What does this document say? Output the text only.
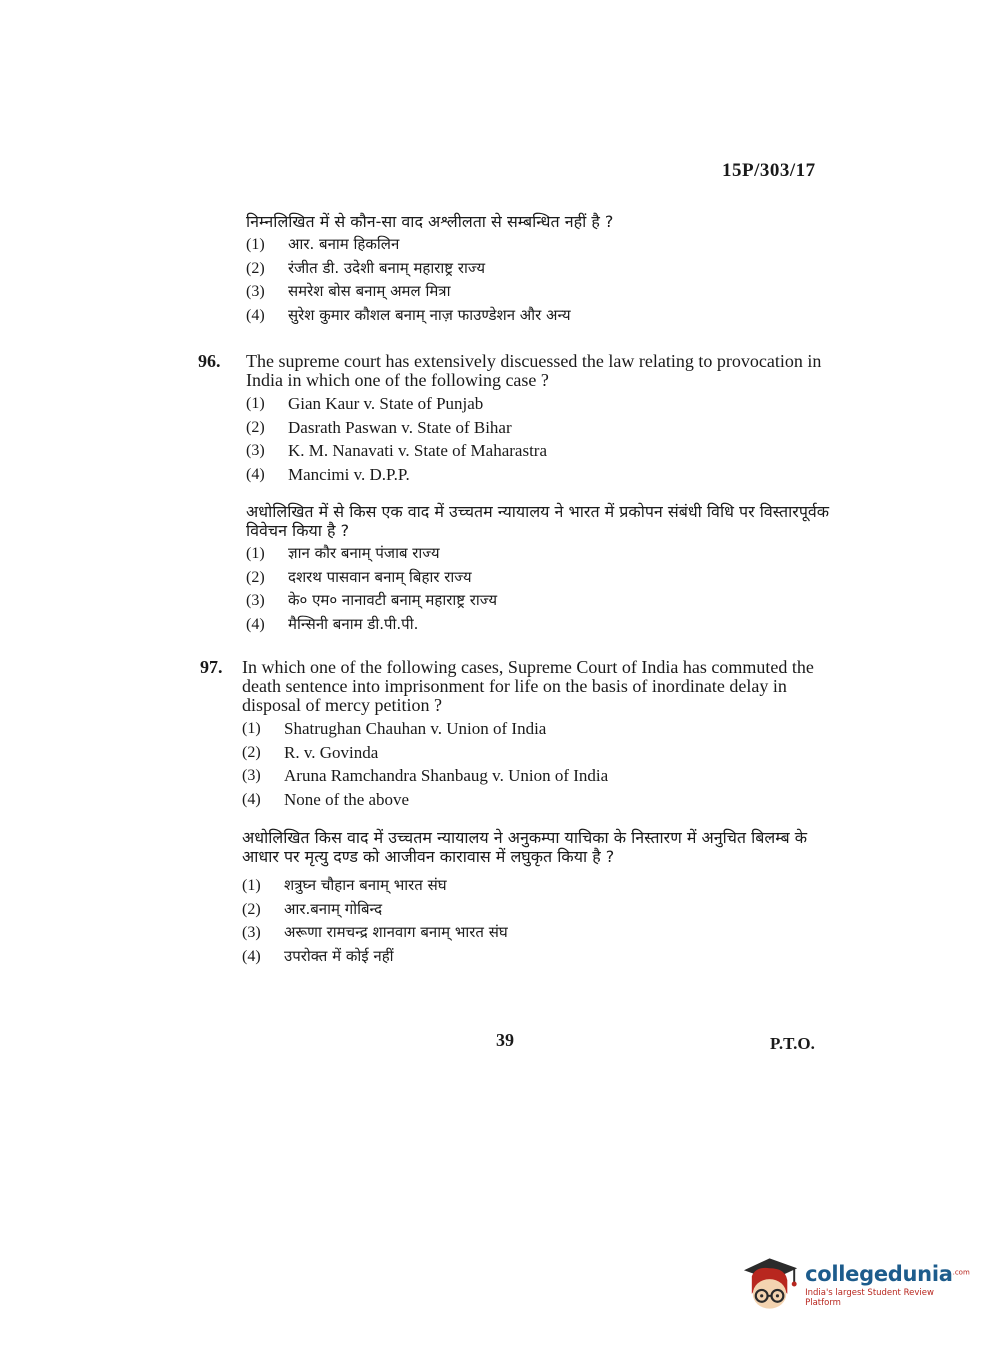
15P/303/17
निम्नलिखित में से कौन-सा वाद अश्लीलता से सम्बन्धित नहीं है ?
(1)	आर. बनाम हिकलिन
(2)	रंजीत डी. उदेशी बनाम् महाराष्ट्र राज्य
(3)	समरेश बोस बनाम् अमल मित्रा
(4)	सुरेश कुमार कौशल बनाम् नाज़ फाउण्डेशन और अन्य
96.	The supreme court has extensively discuessed the law relating to provocation in India in which one of the following case ?
(1)	Gian Kaur v. State of Punjab
(2)	Dasrath Paswan v. State of Bihar
(3)	K. M. Nanavati v. State of Maharastra
(4)	Mancimi v. D.P.P.
अधोलिखित में से किस एक वाद में उच्चतम न्यायालय ने भारत में प्रकोपन संबंधी विधि पर विस्तारपूर्वक विवेचन किया है ?
(1)	ज्ञान कौर बनाम् पंजाब राज्य
(2)	दशरथ पासवान बनाम् बिहार राज्य
(3)	के० एम० नानावटी बनाम् महाराष्ट्र राज्य
(4)	मैन्सिनी बनाम डी.पी.पी.
97.	In which one of the following cases, Supreme Court of India has commuted the death sentence into imprisonment for life on the basis of inordinate delay in disposal of mercy petition ?
(1)	Shatrughan Chauhan v. Union of India
(2)	R. v. Govinda
(3)	Aruna Ramchandra Shanbaug v. Union of India
(4)	None of the above
अधोलिखित किस वाद में उच्चतम न्यायालय ने अनुकम्पा याचिका के निस्तारण में अनुचित बिलम्ब के आधार पर मृत्यु दण्ड को आजीवन कारावास में लघुकृत किया है ?
(1)	शत्रुघ्न चौहान बनाम् भारत संघ
(2)	आर.बनाम् गोबिन्द
(3)	अरूणा रामचन्द्र शानवाग बनाम् भारत संघ
(4)	उपरोक्त में कोई नहीं
39	P.T.O.
collegedunia$^{.com}$
India's largest Student Review Platform
